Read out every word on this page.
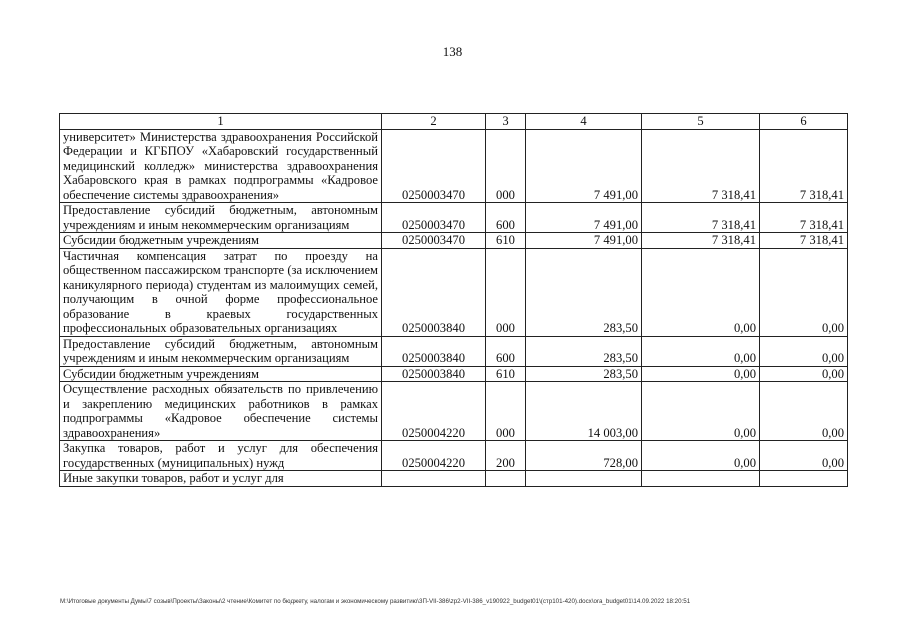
138
1	2	3	4	5	6
университет» Министерства здравоохранения Российской Федерации и КГБПОУ «Хабаровский государственный медицинский колледж» министерства здравоохранения Хабаровского края в рамках подпрограммы «Кадровое обеспечение системы здравоохранения»	0250003470	000	7 491,00	7 318,41	7 318,41
Предоставление субсидий бюджетным, автономным учреждениям и иным некоммерческим организациям	0250003470	600	7 491,00	7 318,41	7 318,41
Субсидии бюджетным учреждениям	0250003470	610	7 491,00	7 318,41	7 318,41
Частичная компенсация затрат по проезду на общественном пассажирском транспорте (за исключением каникулярного периода) студентам из малоимущих семей, получающим в очной форме профессиональное образование в краевых государственных профессиональных образовательных организациях	0250003840	000	283,50	0,00	0,00
Предоставление субсидий бюджетным, автономным учреждениям и иным некоммерческим организациям	0250003840	600	283,50	0,00	0,00
Субсидии бюджетным учреждениям	0250003840	610	283,50	0,00	0,00
Осуществление расходных обязательств по привлечению и закреплению медицинских работников в рамках подпрограммы «Кадровое обеспечение системы здравоохранения»	0250004220	000	14 003,00	0,00	0,00
Закупка товаров, работ и услуг для обеспечения государственных (муниципальных) нужд	0250004220	200	728,00	0,00	0,00
Иные закупки товаров, работ и услуг для					
M:\Итоговые документы Думы\7 созыв\Проекты\Законы\2 чтение\Комитет по бюджету, налогам и экономическому развитию\3П-VII-386\zp2-VII-386_v190922_budget01\(стр101-420).docx\ora_budget01\14.09.2022 18:20:51
